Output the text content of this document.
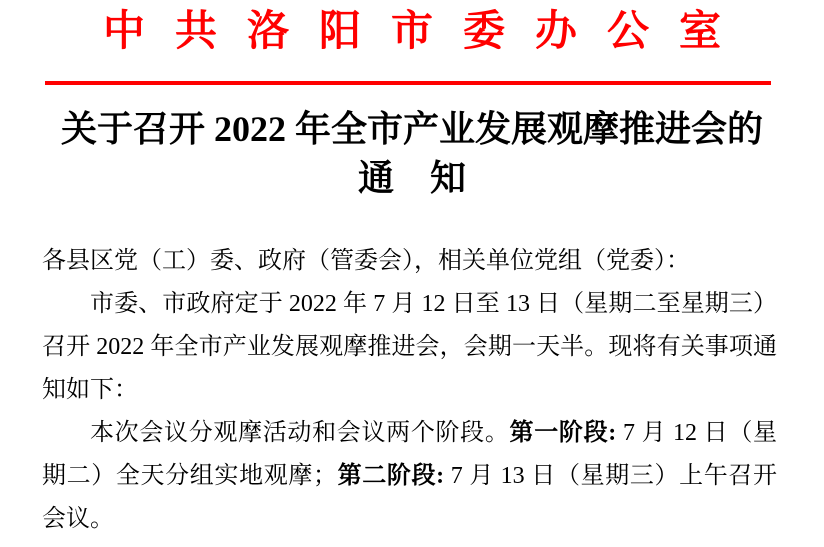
中共洛阳市委办公室
关于召开 2022 年全市产业发展观摩推进会的
通　知

各县区党（工）委、政府（管委会），相关单位党组（党委）：

市委、市政府定于 2022 年 7 月 12 日至 13 日（星期二至星期三）召开 2022 年全市产业发展观摩推进会，会期一天半。现将有关事项通知如下：

本次会议分观摩活动和会议两个阶段。第一阶段: 7 月 12 日（星期二）全天分组实地观摩；第二阶段: 7 月 13 日（星期三）上午召开会议。
